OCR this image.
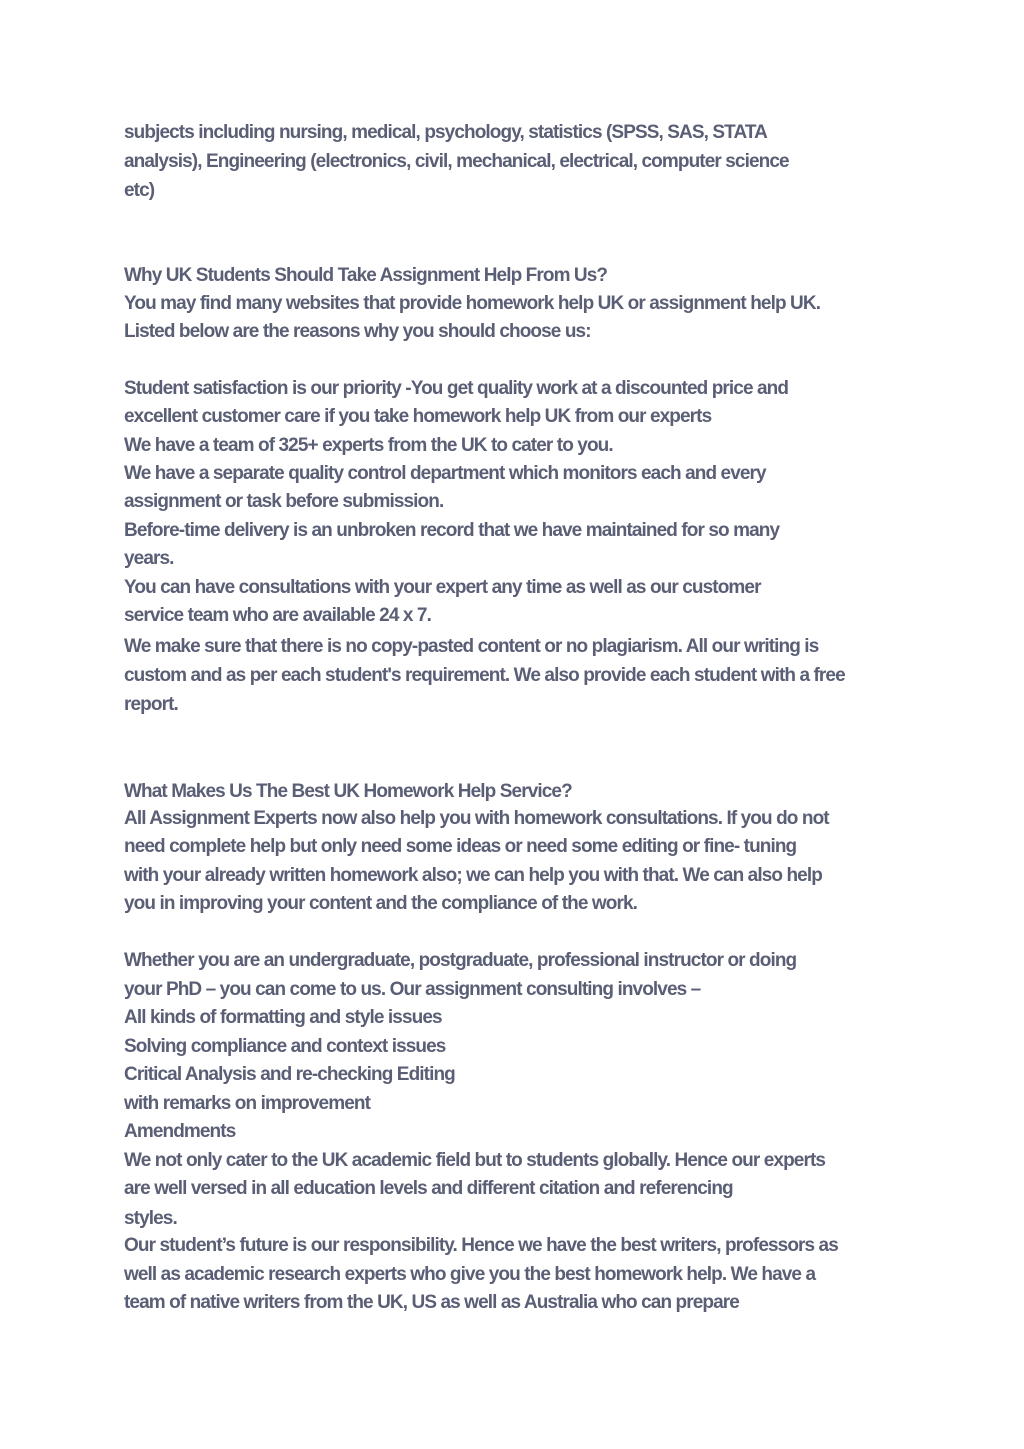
subjects including nursing, medical, psychology, statistics (SPSS, SAS, STATA

analysis), Engineering (electronics, civil, mechanical, electrical, computer science

etc)

Why UK Students Should Take Assignment Help From Us?

You may find many websites that provide homework help UK or assignment help UK.

Listed below are the reasons why you should choose us:

Student satisfaction is our priority -You get quality work at a discounted price and

excellent customer care if you take homework help UK from our experts

We have a team of 325+ experts from the UK to cater to you.

We have a separate quality control department which monitors each and every

assignment or task before submission.

Before-time delivery is an unbroken record that we have maintained for so many

years.

You can have consultations with your expert any time as well as our customer

service team who are available 24 x 7.

We make sure that there is no copy-pasted content or no plagiarism. All our writing is

custom and as per each student's requirement. We also provide each student with a free

report.

What Makes Us The Best UK Homework Help Service?

All Assignment Experts now also help you with homework consultations. If you do not

need complete help but only need some ideas or need some editing or fine- tuning

with your already written homework also; we can help you with that. We can also help

you in improving your content and the compliance of the work.

Whether you are an undergraduate, postgraduate, professional instructor or doing

your PhD – you can come to us. Our assignment consulting involves –

All kinds of formatting and style issues

Solving compliance and context issues

Critical Analysis and re-checking Editing

with remarks on improvement

Amendments

We not only cater to the UK academic field but to students globally. Hence our experts

are well versed in all education levels and different citation and referencing

styles.

Our student’s future is our responsibility. Hence we have the best writers, professors as

well as academic research experts who give you the best homework help. We have a

team of native writers from the UK, US as well as Australia who can prepare
